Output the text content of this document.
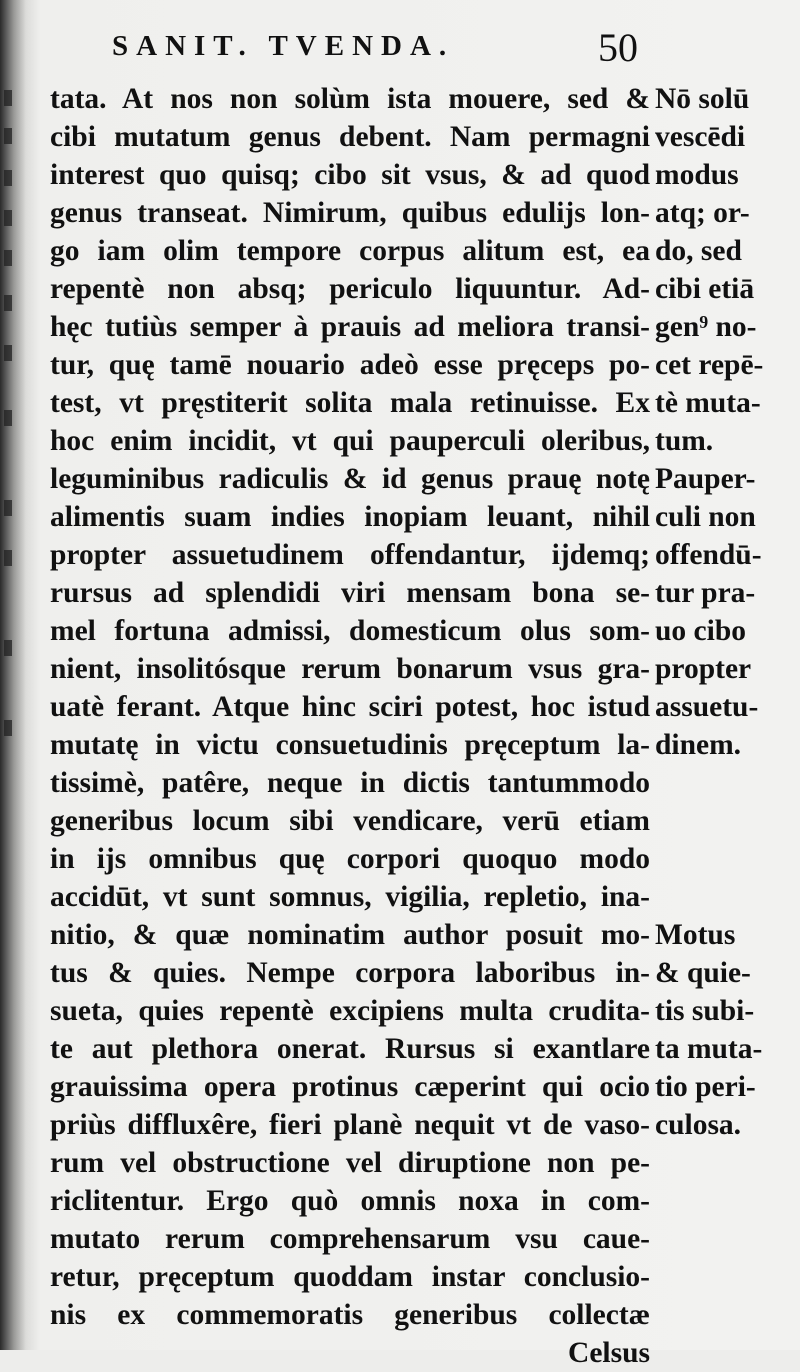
SANIT. TVENDA.	50
tata. At nos non solùm ista mouere, sed &
cibi mutatum genus debent. Nam permagni
interest quo quisq; cibo sit vsus, & ad quod
genus transeat. Nimirum, quibus edulijs lon-
go iam olim tempore corpus alitum est, ea
repentè non absq; periculo liquuntur. Ad-
hęc tutiùs semper à prauis ad meliora transi-
tur, quę tamē nouario adeò esse pręceps po-
test, vt pręstiterit solita mala retinuisse. Ex
hoc enim incidit, vt qui pauperculi oleribus,
leguminibus radiculis & id genus prauę notę
alimentis suam indies inopiam leuant, nihil
propter assuetudinem offendantur, ijdemq;
rursus ad splendidi viri mensam bona se-
mel fortuna admissi, domesticum olus som-
nient, insolitósque rerum bonarum vsus gra-
uatè ferant. Atque hinc sciri potest, hoc istud
mutatę in victu consuetudinis pręceptum la-
tissimè, patêre, neque in dictis tantummodo
generibus locum sibi vendicare, verū etiam
in ijs omnibus quę corpori quoquo modo
accidūt, vt sunt somnus, vigilia, repletio, ina-
nitio, & quæ nominatim author posuit mo-
tus & quies. Nempe corpora laboribus in-
sueta, quies repentè excipiens multa crudita-
te aut plethora onerat. Rursus si exantlare
grauissima opera protinus cæperint qui ocio
priùs diffluxêre, fieri planè nequit vt de vaso-
rum vel obstructione vel diruptione non pe-
riclitentur. Ergo quò omnis noxa in com-
mutato rerum comprehensarum vsu caue-
retur, pręceptum quoddam instar conclusio-
nis ex commemoratis generibus collectæ
Celsus
Nō solū
vescēdi
modus
atq; or-
do, sed
cibi etiā
gen⁹ no-
cet repē-
tè muta-
tum.
Pauper-
culi non
offendū-
tur pra-
uo cibo
propter
assuetu-
dinem.
Motus
& quie-
tis subi-
ta muta-
tio peri-
culosa.
